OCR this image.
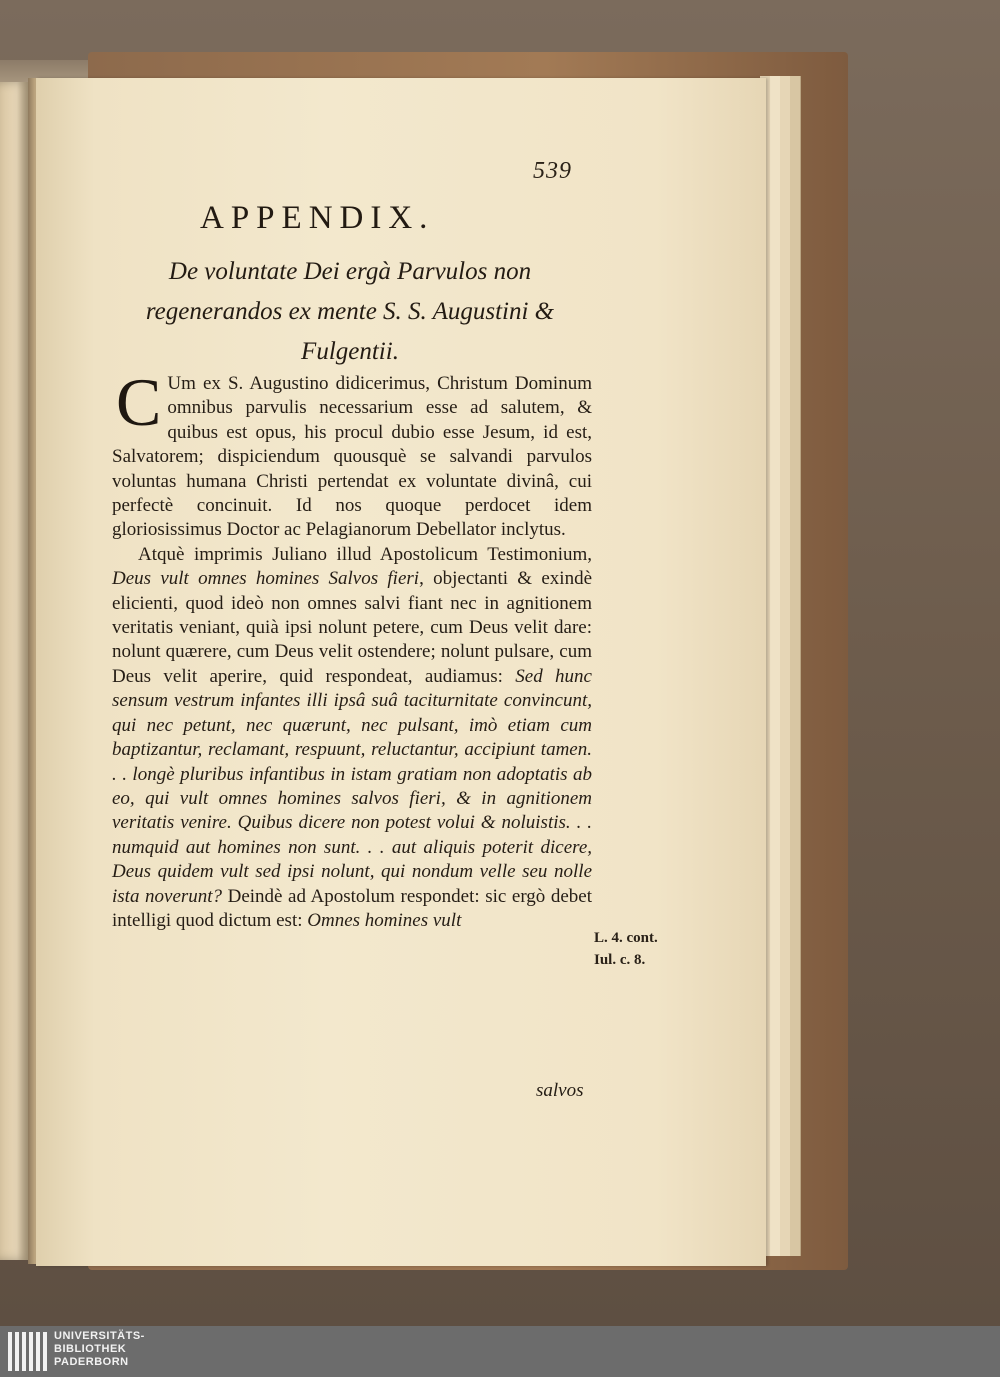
539
APPENDIX.
De voluntate Dei ergà Parvulos non regenerandos ex mente S. S. Augustini & Fulgentii.

C Um ex S. Augustino didicerimus, Christum Dominum omnibus parvulis necessarium esse ad salutem, & quibus est opus, his procul dubio esse Jesum, id est, Salvatorem; dispiciendum quousquè se salvandi parvulos voluntas humana Christi pertendat ex voluntate divinâ, cui perfectè concinuit. Id nos quoque perdocet idem gloriosissimus Doctor ac Pelagianorum Debellator inclytus.

Atquè imprimis Juliano illud Apostolicum Testimonium, Deus vult omnes homines Salvos fieri, objectanti & exindè elicienti, quod ideò non omnes salvi fiant nec in agnitionem veritatis veniant, quià ipsi nolunt petere, cum Deus velit dare: nolunt quærere, cum Deus velit ostendere; nolunt pulsare, cum Deus velit aperire, quid respondeat, audiamus: Sed hunc sensum vestrum infantes illi ipsâ suâ taciturnitate convincunt, qui nec petunt, nec quærunt, nec pulsant, imò etiam cum baptizantur, reclamant, respuunt, reluctantur, accipiunt tamen. . . longè pluribus infantibus in istam gratiam non adoptatis ab eo, qui vult omnes homines salvos fieri, & in agnitionem veritatis venire. Quibus dicere non potest volui & noluistis. . . numquid aut homines non sunt. . . aut aliquis poterit dicere, Deus quidem vult sed ipsi nolunt, qui nondum velle seu nolle ista noverunt? Deindè ad Apostolum respondet: sic ergò debet intelligi quod dictum est: Omnes homines vult

L. 4. cont.
Iul. c. 8.
salvos
UNIVERSITÄTS-
BIBLIOTHEK
PADERBORN
